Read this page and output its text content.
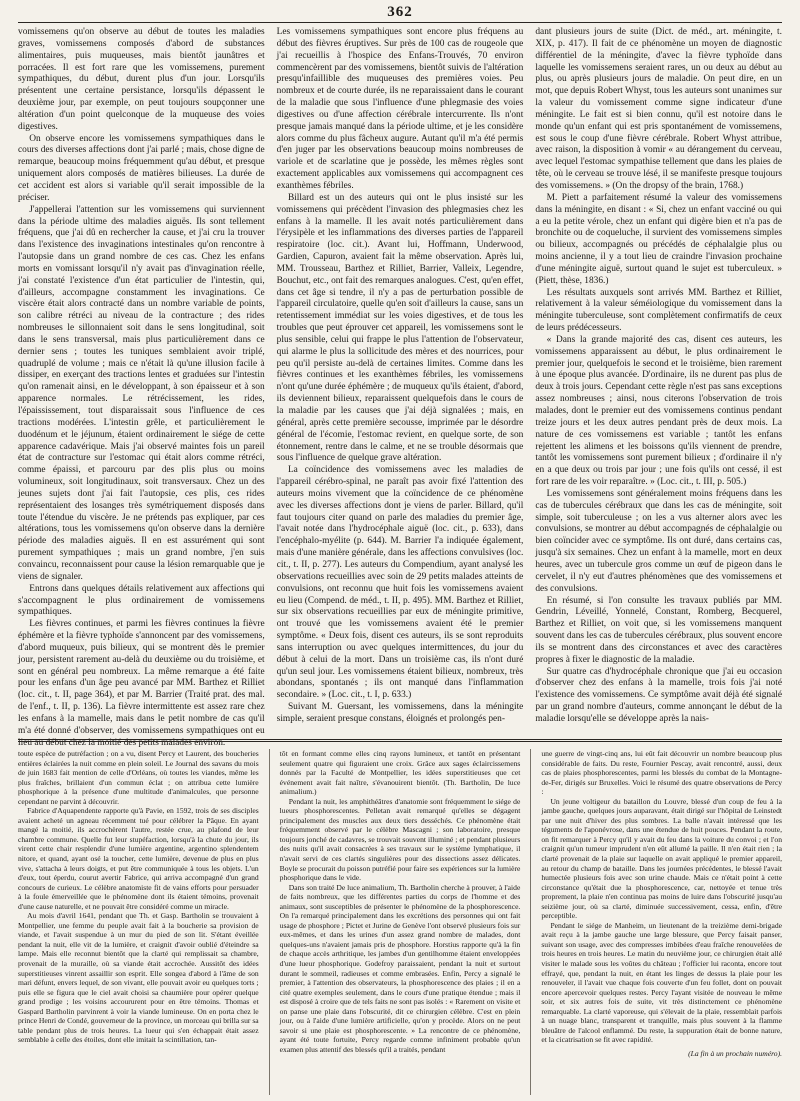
362

vomissemens qu'on observe au début de toutes les maladies graves, vomissemens composés d'abord de substances alimentaires, puis muqueuses, mais bientôt jaunâtres et porracées. Il est fort rare que les vomissemens, purement sympathiques, du début, durent plus d'un jour. Lorsqu'ils présentent une certaine persistance, lorsqu'ils dépassent le deuxième jour, par exemple, on peut toujours soupçonner une altération d'un point quelconque de la muqueuse des voies digestives.

On observe encore les vomissemens sympathiques dans le cours des diverses affections dont j'ai parlé ; mais, chose digne de remarque, beaucoup moins fréquemment qu'au début, et presque uniquement alors composés de matières bilieuses. La durée de cet accident est alors si variable qu'il serait impossible de la préciser.

J'appellerai l'attention sur les vomissemens qui surviennent dans la période ultime des maladies aiguës. Ils sont tellement fréquens, que j'ai dû en rechercher la cause, et j'ai cru la trouver dans l'existence des invaginations intestinales qu'on rencontre à l'autopsie dans un grand nombre de ces cas. Chez les enfans morts en vomissant lorsqu'il n'y avait pas d'invagination réelle, j'ai constaté l'existence d'un état particulier de l'intestin, qui, d'ailleurs, accompagne constamment les invaginations. Ce viscère était alors contracté dans un nombre variable de points, son calibre rétréci au niveau de la contracture ; des rides nombreuses le sillonnaient soit dans le sens longitudinal, soit dans le sens transversal, mais plus particulièrement dans ce dernier sens ; toutes les tuniques semblaient avoir triplé, quadruplé de volume ; mais ce n'était là qu'une illusion facile à dissiper, en exerçant des tractions lentes et graduées sur l'intestin qu'on ramenait ainsi, en le développant, à son épaisseur et à son apparence normales. Le rétrécissement, les rides, l'épaississement, tout disparaissait sous l'influence de ces tractions modérées. L'intestin grêle, et particulièrement le duodénum et le jéjunum, étaient ordinairement le siége de cette apparence cadavérique. Mais j'ai observé maintes fois un pareil état de contracture sur l'estomac qui était alors comme rétréci, comme épaissi, et parcouru par des plis plus ou moins volumineux, soit longitudinaux, soit transversaux. Chez un des jeunes sujets dont j'ai fait l'autopsie, ces plis, ces rides représentaient des losanges très symétriquement disposés dans toute l'étendue du viscère. Je ne prétends pas expliquer, par ces altérations, tous les vomissemens qu'on observe dans la dernière période des maladies aiguës. Il en est assurément qui sont purement sympathiques ; mais un grand nombre, j'en suis convaincu, reconnaissent pour cause la lésion remarquable que je viens de signaler.

Entrons dans quelques détails relativement aux affections qui s'accompagnent le plus ordinairement de vomissemens sympathiques.

Les fièvres continues, et parmi les fièvres continues la fièvre éphémère et la fièvre typhoïde s'annoncent par des vomissemens, d'abord muqueux, puis bilieux, qui se montrent dès le premier jour, persistent rarement au-delà du deuxième ou du troisième, et sont en général peu nombreux. La même remarque a été faite pour les enfans d'un âge peu avancé par MM. Barthez et Rilliet (loc. cit., t. II, page 364), et par M. Barrier (Traité prat. des mal. de l'enf., t. II, p. 136). La fièvre intermittente est assez rare chez les enfans à la mamelle, mais dans le petit nombre de cas qu'il m'a été donné d'observer, des vomissemens sympathiques ont eu lieu au début chez la moitié des petits malades environ.

Les vomissemens sympathiques sont encore plus fréquens au début des fièvres éruptives. Sur près de 100 cas de rougeole que j'ai recueillis à l'hospice des Enfans-Trouvés, 70 environ commencèrent par des vomissemens, bientôt suivis de l'altération presqu'infaillible des muqueuses des premières voies. Peu nombreux et de courte durée, ils ne reparaissaient dans le courant de la maladie que sous l'influence d'une phlegmasie des voies digestives ou d'une affection cérébrale intercurrente. Ils n'ont presque jamais manqué dans la période ultime, et je les considère alors comme du plus fâcheux augure. Autant qu'il m'a été permis d'en juger par les observations beaucoup moins nombreuses de variole et de scarlatine que je possède, les mêmes règles sont exactement applicables aux vomissemens qui accompagnent ces exanthèmes fébriles.

Billard est un des auteurs qui ont le plus insisté sur les vomissemens qui précèdent l'invasion des phlegmasies chez les enfans à la mamelle. Il les avait notés particulièrement dans l'érysipèle et les inflammations des diverses parties de l'appareil respiratoire (loc. cit.). Avant lui, Hoffmann, Underwood, Gardien, Capuron, avaient fait la même observation. Après lui, MM. Trousseau, Barthez et Rilliet, Barrier, Valleix, Legendre, Bouchut, etc., ont fait des remarques analogues. C'est, qu'en effet, dans cet âge si tendre, il n'y a pas de perturbation possible de l'appareil circulatoire, quelle qu'en soit d'ailleurs la cause, sans un retentissement immédiat sur les voies digestives, et de tous les troubles que peut éprouver cet appareil, les vomissemens sont le plus sensible, celui qui frappe le plus l'attention de l'observateur, qui alarme le plus la sollicitude des mères et des nourrices, pour peu qu'il persiste au-delà de certaines limites. Comme dans les fièvres continues et les exanthèmes fébriles, les vomissemens n'ont qu'une durée éphémère ; de muqueux qu'ils étaient, d'abord, ils deviennent bilieux, reparaissent quelquefois dans le cours de la maladie par les causes que j'ai déjà signalées ; mais, en général, après cette première secousse, imprimée par le désordre général de l'écomie, l'estomac revient, en quelque sorte, de son étonnement, rentre dans le calme, et ne se trouble désormais que sous l'influence de quelque grave altération.

La coïncidence des vomissemens avec les maladies de l'appareil cérébro-spinal, ne paraît pas avoir fixé l'attention des auteurs moins vivement que la coïncidence de ce phénomène avec les diverses affections dont je viens de parler. Billard, qu'il faut toujours citer quand on parle des maladies du premier âge, l'avait notée dans l'hydrocéphale aiguë (loc. cit., p. 633), dans l'encéphalo-myélite (p. 644). M. Barrier l'a indiquée également, mais d'une manière générale, dans les affections convulsives (loc. cit., t. II, p. 277). Les auteurs du Compendium, ayant analysé les observations recueillies avec soin de 29 petits malades atteints de convulsions, ont reconnu que huit fois les vomissemens avaient eu lieu (Compend. de méd., t. II, p. 495). MM. Barthez et Rilliet, sur six observations recueillies par eux de méningite primitive, ont trouvé que les vomissemens avaient été le premier symptôme. « Deux fois, disent ces auteurs, ils se sont reproduits sans interruption ou avec quelques intermittences, du jour du début à celui de la mort. Dans un troisième cas, ils n'ont duré qu'un seul jour. Les vomissemens étaient bilieux, nombreux, très abondans, spontanés ; ils ont manqué dans l'inflammation secondaire. » (Loc. cit., t. I, p. 633.)

Suivant M. Guersant, les vomissemens, dans la méningite simple, seraient presque constans, éloignés et prolongés pen-

dant plusieurs jours de suite (Dict. de méd., art. méningite, t. XIX, p. 417). Il fait de ce phénomène un moyen de diagnostic différentiel de la méningite, d'avec la fièvre typhoïde dans laquelle les vomissemens seraient rares, un ou deux au début au plus, ou après plusieurs jours de maladie. On peut dire, en un mot, que depuis Robert Whyst, tous les auteurs sont unanimes sur la valeur du vomissement comme signe indicateur d'une méningite. Le fait est si bien connu, qu'il est notoire dans le monde qu'un enfant qui est pris spontanément de vomissemens, est sous le coup d'une fièvre cérébrale. Robert Whyst attribue, avec raison, la disposition à vomir « au dérangement du cerveau, avec lequel l'estomac sympathise tellement que dans les plaies de tête, où le cerveau se trouve lésé, il se manifeste presque toujours des vomissemens. » (On the dropsy of the brain, 1768.)

M. Piett a parfaitement résumé la valeur des vomissemens dans la méningite, en disant : « Si, chez un enfant vacciné ou qui a eu la petite vérole, chez un enfant qui digère bien et n'a pas de bronchite ou de coqueluche, il survient des vomissemens simples ou bilieux, accompagnés ou précédés de céphalalgie plus ou moins ancienne, il y a tout lieu de craindre l'invasion prochaine d'une méningite aiguë, surtout quand le sujet est tuberculeux. » (Piett, thèse, 1836.)

Les résultats auxquels sont arrivés MM. Barthez et Rilliet, relativement à la valeur séméiologique du vomissement dans la méningite tuberculeuse, sont complètement confirmatifs de ceux de leurs prédécesseurs.

« Dans la grande majorité des cas, disent ces auteurs, les vomissemens apparaissent au début, le plus ordinairement le premier jour, quelquefois le second et le troisième, bien rarement à une époque plus avancée. D'ordinaire, ils ne durent pas plus de deux à trois jours. Cependant cette règle n'est pas sans exceptions assez nombreuses ; ainsi, nous citerons l'observation de trois malades, dont le premier eut des vomissemens continus pendant treize jours et les deux autres pendant près de deux mois. La nature de ces vomissemens est variable ; tantôt les enfans rejettent les alimens et les boissons qu'ils viennent de prendre, tantôt les vomissemens sont purement bilieux ; d'ordinaire il n'y en a que deux ou trois par jour ; une fois qu'ils ont cessé, il est fort rare de les voir reparaître. » (Loc. cit., t. III, p. 505.)

Les vomissemens sont généralement moins fréquens dans les cas de tubercules cérébraux que dans les cas de méningite, soit simple, soit tuberculeuse ; on les a vus alterner alors avec les convulsions, se montrer au début accompagnés de céphalalgie ou bien coïncider avec ce symptôme. Ils ont duré, dans certains cas, jusqu'à six semaines. Chez un enfant à la mamelle, mort en deux heures, avec un tubercule gros comme un œuf de pigeon dans le cervelet, il n'y eut d'autres phénomènes que des vomissemens et des convulsions.

En résumé, si l'on consulte les travaux publiés par MM. Gendrin, Léveillé, Yonnelé, Constant, Romberg, Becquerel, Barthez et Rilliet, on voit que, si les vomissemens manquent souvent dans les cas de tubercules cérébraux, plus souvent encore ils se montrent dans des circonstances et avec des caractères propres à fixer le diagnostic de la maladie.

Sur quatre cas d'hydrocéphale chronique que j'ai eu occasion d'observer chez des enfans à la mamelle, trois fois j'ai noté l'existence des vomissemens. Ce symptôme avait déjà été signalé par un grand nombre d'auteurs, comme annonçant le début de la maladie lorsqu'elle se développe après la nais-

toute espèce de putréfaction ; on a vu, disent Percy et Laurent, des boucheries entières éclairées la nuit comme en plein soleil. Le Journal des savans du mois de juin 1683 fait mention de celle d'Orléans, où toutes les viandes, même les plus fraîches, brillaient d'un commun éclat ; on attribua cette lumière phosphorique à la présence d'une multitude d'animalcules, que personne cependant ne parvint à découvrir.

Fabrice d'Aquapendente rapporte qu'à Pavie, en 1592, trois de ses disciples avaient acheté un agneau récemment tué pour célébrer la Pâque. En ayant mangé la moitié, ils accrochèrent l'autre, restée crue, au plafond de leur chambre commune. Quelle fut leur stupéfaction, lorsqu'à la chute du jour, ils virent cette chair resplendir d'une lumière argentine, argentino splendentem nitore, et quand, ayant osé la toucher, cette lumière, devenue de plus en plus vive, s'attacha à leurs doigts, et put être communiquée à tous les objets. L'un d'eux, tout éperdu, courut avertir Fabrice, qui arriva accompagné d'un grand concours de curieux. Le célèbre anatomiste fit de vains efforts pour persuader à la foule émerveillée que le phénomène dont ils étaient témoins, provenait d'une cause naturelle, et ne pouvait être considéré comme un miracle.

Au mois d'avril 1641, pendant que Th. et Gasp. Bartholin se trouvaient à Montpellier, une femme du peuple avait fait à la boucherie sa provision de viande, et l'avait suspendue à un mur du pied de son lit. S'étant éveillée pendant la nuit, elle vit de la lumière, et craignit d'avoir oublié d'éteindre sa lampe. Mais elle reconnut bientôt que la clarté qui remplissait sa chambre, provenait de la muraille, où sa viande était accrochée. Aussitôt des idées superstitieuses vinrent assaillir son esprit. Elle songea d'abord à l'âme de son mari défunt, envers lequel, de son vivant, elle pouvait avoir eu quelques torts ; puis elle se figura que le ciel avait choisi sa chaumière pour opérer quelque grand prodige ; les voisins accoururent pour en être témoins. Thomas et Gaspard Bartholin parvinrent à voir la viande lumineuse. On en porta chez le prince Henri de Condé, gouverneur de la province, un morceau qui brilla sur sa table pendant plus de trois heures. La lueur qui s'en échappait était assez semblable à celle des étoiles, dont elle imitait la scintillation, tan-

tôt en formant comme elles cinq rayons lumineux, et tantôt en présentant seulement quatre qui figuraient une croix. Grâce aux sages éclaircissemens donnés par la Faculté de Montpellier, les idées superstitieuses que cet événement avait fait naître, s'évanouirent bientôt. (Th. Bartholin, De luce animalium.)

Pendant la nuit, les amphithéâtres d'anatomie sont fréquemment le siége de lueurs phosphorescentes. Pelletan avait remarqué qu'elles se dégagent principalement des muscles aux deux tiers desséchés. Ce phénomène était fréquemment observé par le célèbre Mascagni ; son laboratoire, presque toujours jonché de cadavres, se trouvait souvent illuminé ; et pendant plusieurs des nuits qu'il avait consacrées à ses travaux sur le système lymphatique, il n'avait servi de ces clartés singulières pour des dissections assez délicates. Boyle se procurait du poisson putréfié pour faire ses expériences sur la lumière phosphorique dans le vide.

Dans son traité De luce animalium, Th. Bartholin cherche à prouver, à l'aide de faits nombreux, que les différentes parties du corps de l'homme et des animaux, sont susceptibles de présenter le phénomène de la phosphorescence. On l'a remarqué principalement dans les excrétions des personnes qui ont fait usage de phosphore ; Pictet et Jurine de Genève l'ont observé plusieurs fois sur eux-mêmes, et dans les urines d'un assez grand nombre de malades, dont quelques-uns n'avaient jamais pris de phosphore. Horstius rapporte qu'à la fin de chaque accès arthritique, les jambes d'un gentilhomme étaient enveloppées d'une lueur phosphorique. Godefroy paraissaient, pendant la nuit et surtout durant le sommeil, radieuses et comme embrasées. Enfin, Percy a signalé le premier, à l'attention des observateurs, la phosphorescence des plaies ; il en a cité quatre exemples seulement, dans le cours d'une pratique étendue ; mais il est disposé à croire que de tels faits ne sont pas isolés : « Rarement on visite et on panse une plaie dans l'obscurité, dit ce chirurgien célèbre. C'est en plein jour, ou à l'aide d'une lumière artificielle, qu'on y procède. Alors on ne peut savoir si une plaie est phosphorescente. » La rencontre de ce phénomène, ayant été toute fortuite, Percy regarde comme infiniment probable qu'un examen plus attentif des blessés qu'il a traités, pendant

une guerre de vingt-cinq ans, lui eût fait découvrir un nombre beaucoup plus considérable de faits. Du reste, Fournier Pescay, avait rencontré, aussi, deux cas de plaies phosphorescentes, parmi les blessés du combat de la Montagne-de-Fer, dirigés sur Bruxelles. Voici le résumé des quatre observations de Percy :

Un jeune voltigeur du bataillon du Louvre, blessé d'un coup de feu à la jambe gauche, quelques jours auparavant, était dirigé sur l'hôpital de Leinstedt par une nuit d'hiver des plus sombres. La balle n'avait intéressé que les téguments de l'aponévrose, dans une étendue de huit pouces. Pendant la route, on fit remarquer à Percy qu'il y avait du feu dans la voiture du convoi ; et l'on craignit qu'un tumeur imprudent n'en eût allumé la paille. Il n'en était rien ; la clarté provenait de la plaie sur laquelle on avait appliqué le premier appareil, au retour du champ de bataille. Dans les journées précédentes, le blessé l'avait humectée plusieurs fois avec son urine chaude. Mais ce n'était point à cette circonstance qu'était due la phosphorescence, car, nettoyée et tenue très proprement, la plaie n'en continua pas moins de luire dans l'obscurité jusqu'au seizième jour, où sa clarté, diminuée successivement, cessa, enfin, d'être perceptible.

Pendant le siége de Manheim, un lieutenant de la treizième demi-brigade avait reçu à la jambe gauche une large blessure, que Percy faisait panser, suivant son usage, avec des compresses imbibées d'eau fraîche renouvelées de trois heures en trois heures. Le matin du neuvième jour, ce chirurgien était allé visiter le malade sous les voûtes du château ; l'officier lui raconta, encore tout effrayé, que, pendant la nuit, en étant les linges de dessus la plaie pour les renouveler, il l'avait vue chaque fois couverte d'un feu follet, dont on pouvait encore apercevoir quelques restes. Percy l'ayant visitée de nouveau le même soir, et six autres fois de suite, vit très distinctement ce phénomène remarquable. La clarté vaporeuse, qui s'élevait de la plaie, ressemblait parfois à un nuage blanc, transparent et tranquille, mais plus souvent à la flamme bleuâtre de l'alcool enflammé. Du reste, la suppuration était de bonne nature, et la cicatrisation se fit avec rapidité.

(La fin à un prochain numéro).
